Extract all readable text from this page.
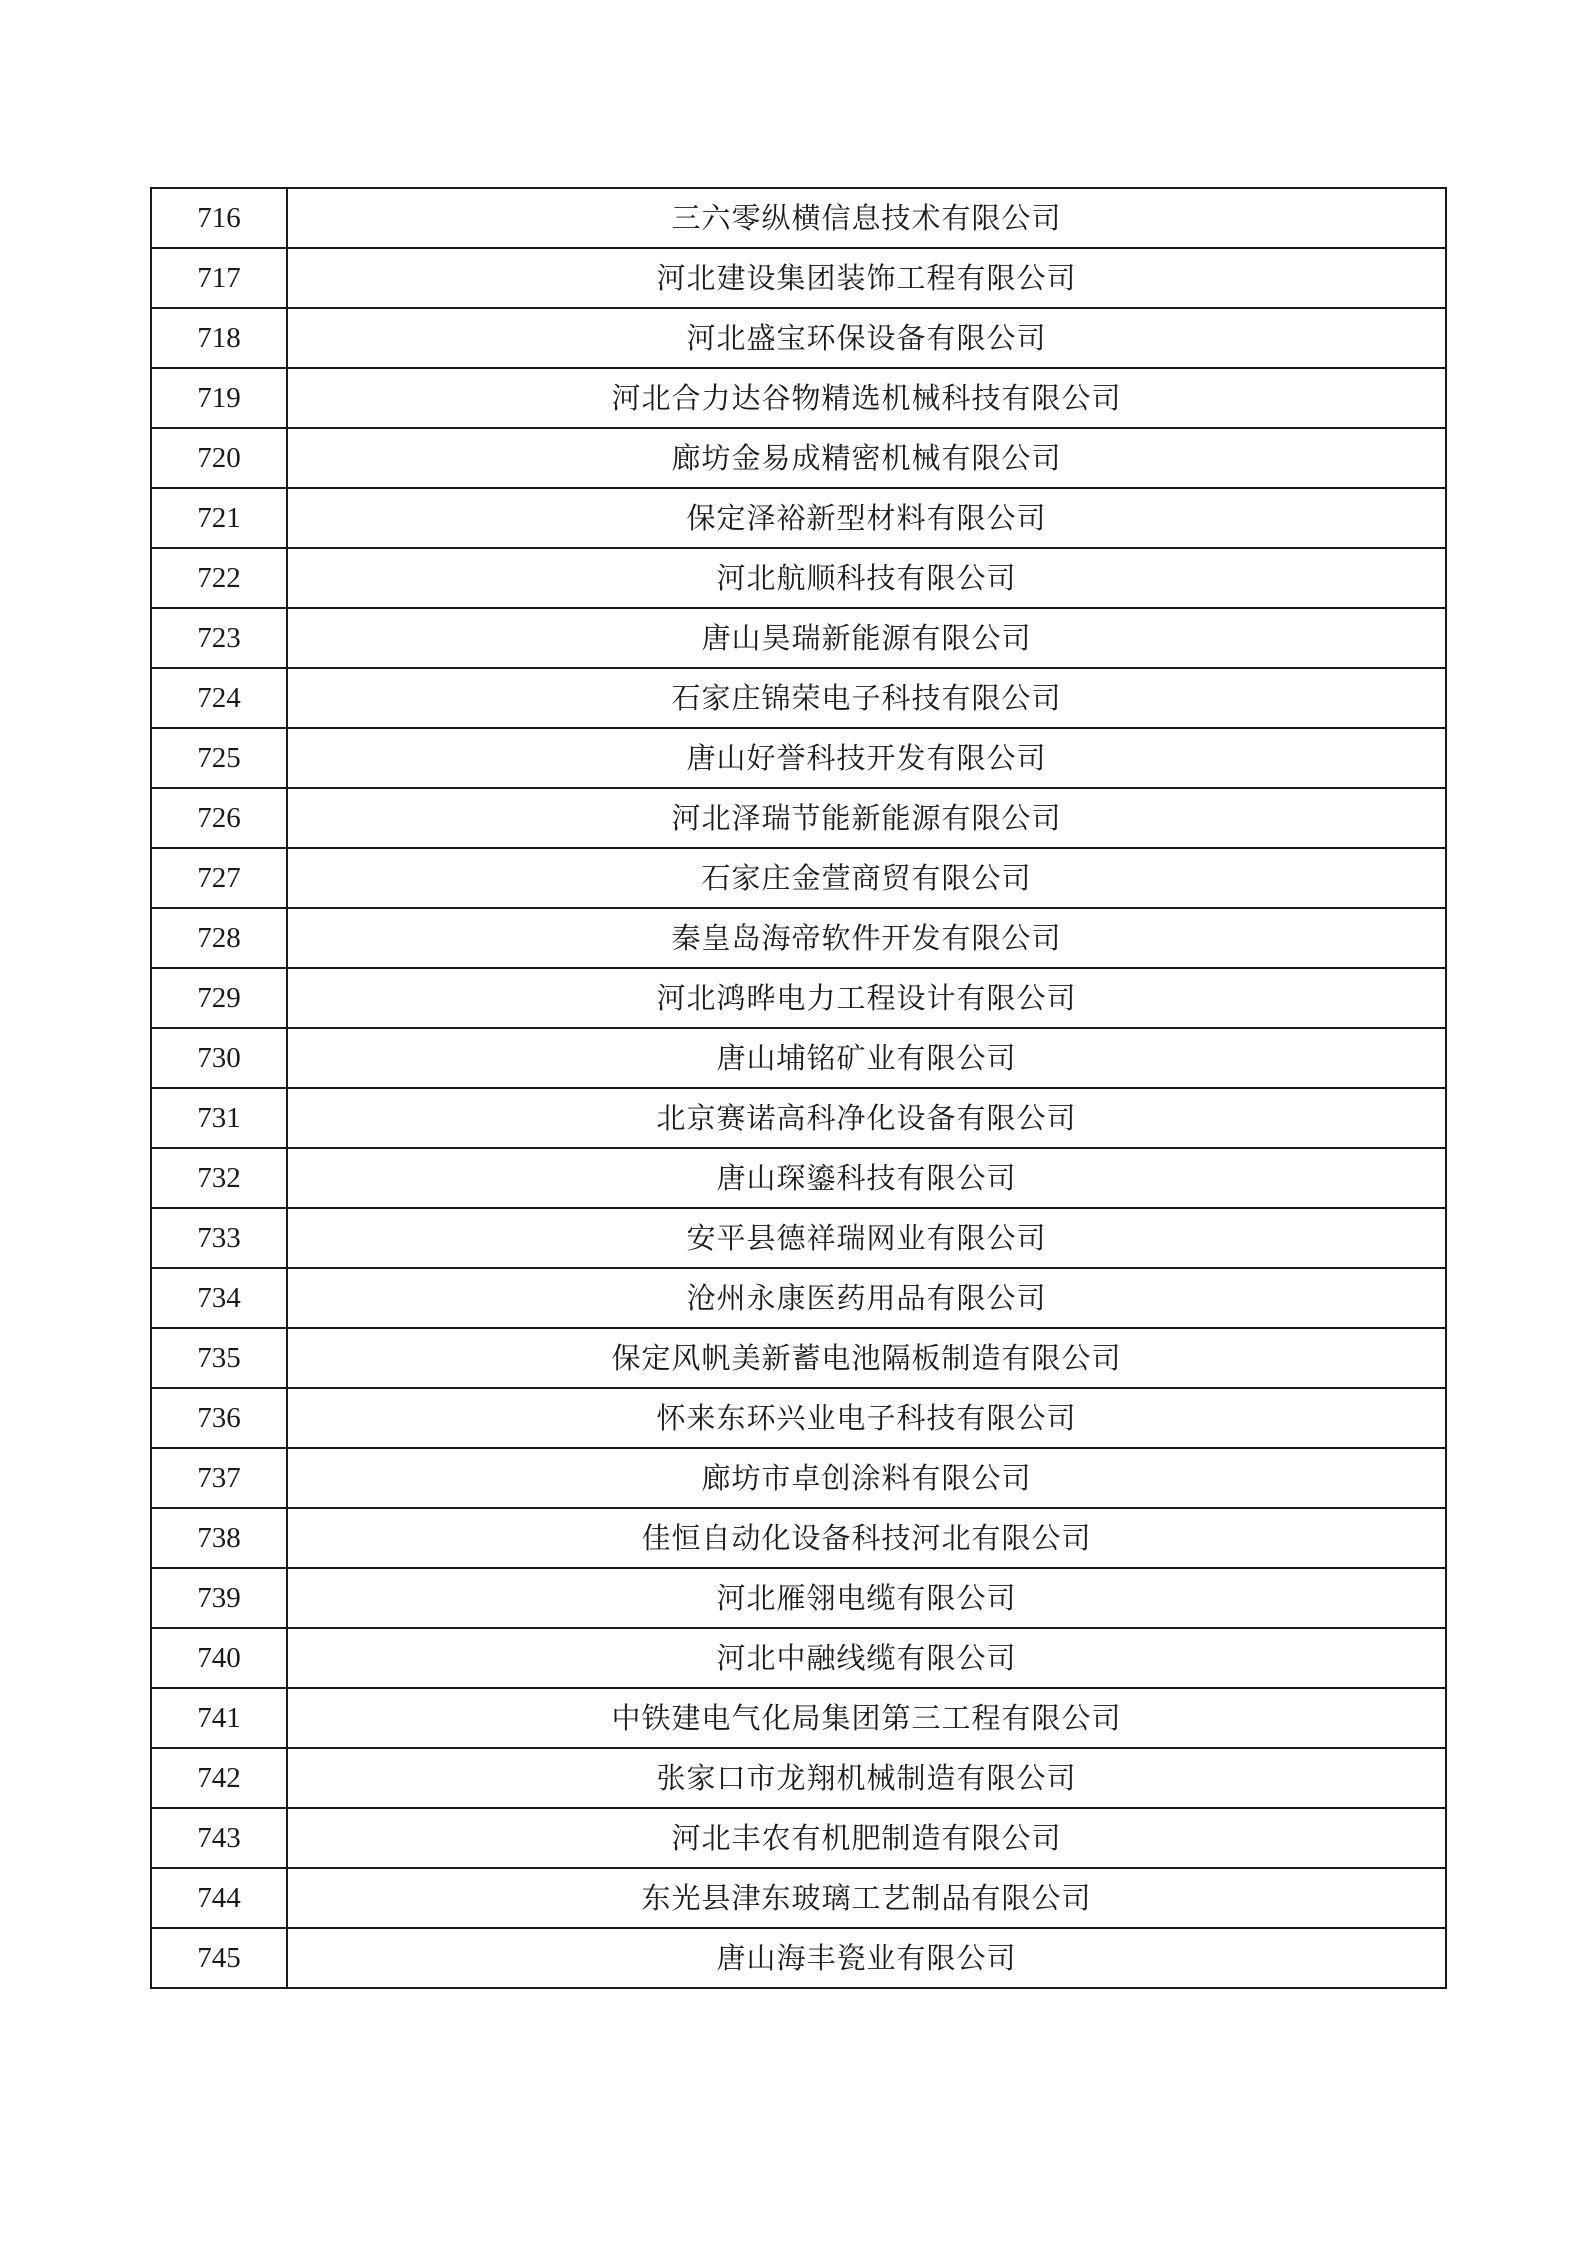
716	三六零纵横信息技术有限公司
717	河北建设集团装饰工程有限公司
718	河北盛宝环保设备有限公司
719	河北合力达谷物精选机械科技有限公司
720	廊坊金易成精密机械有限公司
721	保定泽裕新型材料有限公司
722	河北航顺科技有限公司
723	唐山昊瑞新能源有限公司
724	石家庄锦荣电子科技有限公司
725	唐山好誉科技开发有限公司
726	河北泽瑞节能新能源有限公司
727	石家庄金萱商贸有限公司
728	秦皇岛海帝软件开发有限公司
729	河北鸿晔电力工程设计有限公司
730	唐山埔铭矿业有限公司
731	北京赛诺高科净化设备有限公司
732	唐山琛鎏科技有限公司
733	安平县德祥瑞网业有限公司
734	沧州永康医药用品有限公司
735	保定风帆美新蓄电池隔板制造有限公司
736	怀来东环兴业电子科技有限公司
737	廊坊市卓创涂料有限公司
738	佳恒自动化设备科技河北有限公司
739	河北雁翎电缆有限公司
740	河北中融线缆有限公司
741	中铁建电气化局集团第三工程有限公司
742	张家口市龙翔机械制造有限公司
743	河北丰农有机肥制造有限公司
744	东光县津东玻璃工艺制品有限公司
745	唐山海丰瓷业有限公司
